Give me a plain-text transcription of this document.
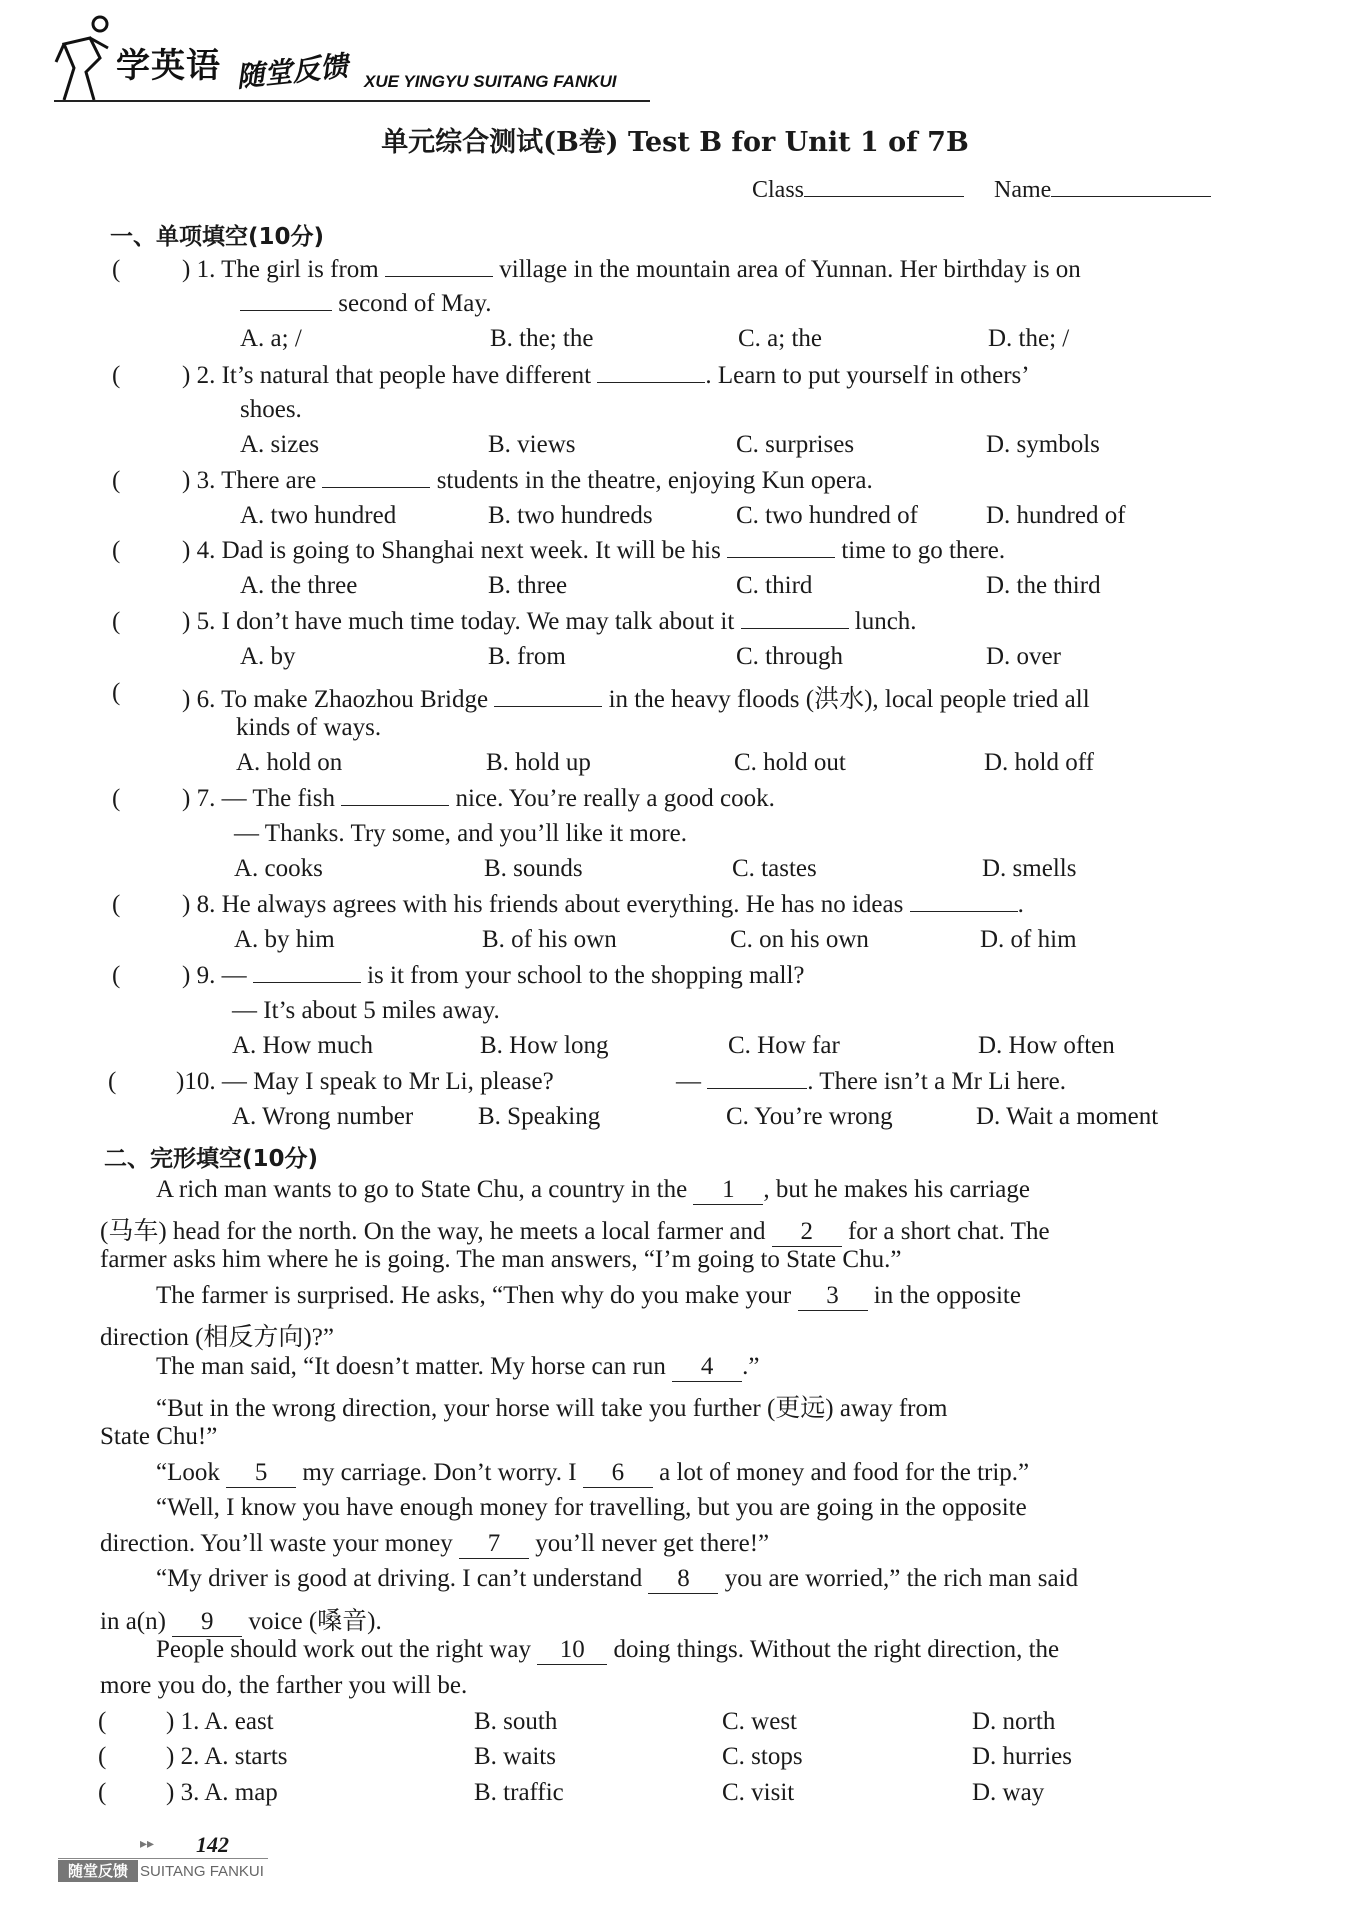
学英语 随堂反馈 XUE YINGYU SUITANG FANKUI
单元综合测试(B卷) Test B for Unit 1 of 7B
Class	Name
一、单项填空(10分)
( ) 1. The girl is from	village in the mountain area of Yunnan. Her birthday is on
second of May.
A. a; /	B. the; the	C. a; the	D. the; /
( ) 2. It’s natural that people have different	. Learn to put yourself in others’
shoes.
A. sizes	B. views	C. surprises	D. symbols
( ) 3. There are	students in the theatre, enjoying Kun opera.
A. two hundred	B. two hundreds	C. two hundred of	D. hundred of
( ) 4. Dad is going to Shanghai next week. It will be his	time to go there.
A. the three	B. three	C. third	D. the third
( ) 5. I don’t have much time today. We may talk about it	lunch.
A. by	B. from	C. through	D. over
( ) 6. To make Zhaozhou Bridge	in the heavy floods (洪水), local people tried all
kinds of ways.
A. hold on	B. hold up	C. hold out	D. hold off
( ) 7. — The fish	nice. You’re really a good cook.
— Thanks. Try some, and you’ll like it more.
A. cooks	B. sounds	C. tastes	D. smells
( ) 8. He always agrees with his friends about everything. He has no ideas	.
A. by him	B. of his own	C. on his own	D. of him
( ) 9. —	is it from your school to the shopping mall?
— It’s about 5 miles away.
A. How much	B. How long	C. How far	D. How often
( )10. — May I speak to Mr Li, please?	—	. There isn’t a Mr Li here.
A. Wrong number	B. Speaking	C. You’re wrong	D. Wait a moment
二、完形填空(10分)
A rich man wants to go to State Chu, a country in the 1 , but he makes his carriage
(马车) head for the north. On the way, he meets a local farmer and 2 for a short chat. The
farmer asks him where he is going. The man answers, “I’m going to State Chu.”
The farmer is surprised. He asks, “Then why do you make your 3 in the opposite
direction (相反方向)?”
The man said, “It doesn’t matter. My horse can run 4 .”
“But in the wrong direction, your horse will take you further (更远) away from
State Chu!”
“Look 5 my carriage. Don’t worry. I 6 a lot of money and food for the trip.”
“Well, I know you have enough money for travelling, but you are going in the opposite
direction. You’ll waste your money 7 you’ll never get there!”
“My driver is good at driving. I can’t understand 8 you are worried,” the rich man said
in a(n) 9 voice (嗓音).
People should work out the right way 10 doing things. Without the right direction, the
more you do, the farther you will be.
( ) 1. A. east	B. south	C. west	D. north
( ) 2. A. starts	B. waits	C. stops	D. hurries
( ) 3. A. map	B. traffic	C. visit	D. way
▸▸ 142
随堂反馈 SUITANG FANKUI
